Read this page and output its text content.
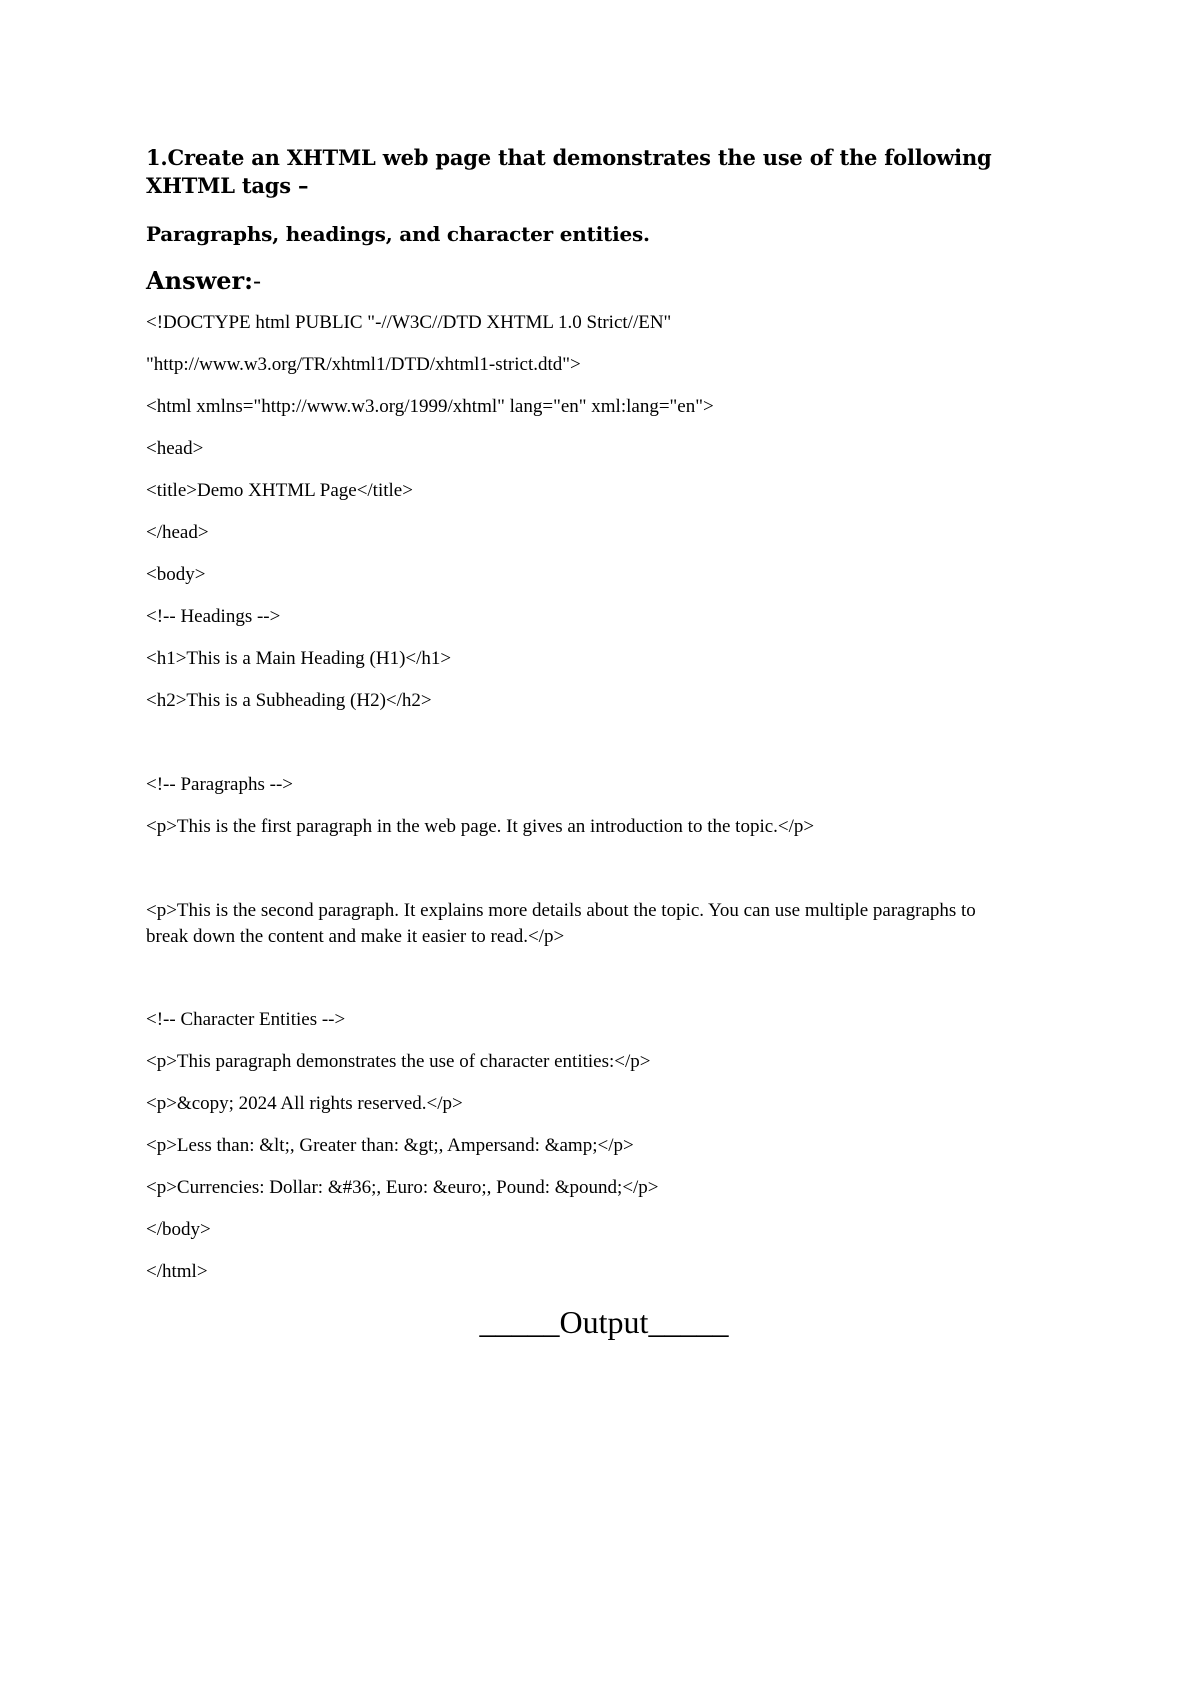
1.Create an XHTML web page that demonstrates the use of the following XHTML tags –
Paragraphs, headings, and character entities.
Answer:-
<!DOCTYPE html PUBLIC "-//W3C//DTD XHTML 1.0 Strict//EN"
"http://www.w3.org/TR/xhtml1/DTD/xhtml1-strict.dtd">
<html xmlns="http://www.w3.org/1999/xhtml" lang="en" xml:lang="en">
<head>
<title>Demo XHTML Page</title>
</head>
<body>
<!-- Headings -->
<h1>This is a Main Heading (H1)</h1>
<h2>This is a Subheading (H2)</h2>
<!-- Paragraphs -->
<p>This is the first paragraph in the web page. It gives an introduction to the topic.</p>
<p>This is the second paragraph. It explains more details about the topic. You can use multiple paragraphs to break down the content and make it easier to read.</p>
<!-- Character Entities -->
<p>This paragraph demonstrates the use of character entities:</p>
<p>&copy; 2024 All rights reserved.</p>
<p>Less than: &lt;, Greater than: &gt;, Ampersand: &amp;</p>
<p>Currencies: Dollar: &#36;, Euro: &euro;, Pound: &pound;</p>
</body>
</html>
_____Output_____
